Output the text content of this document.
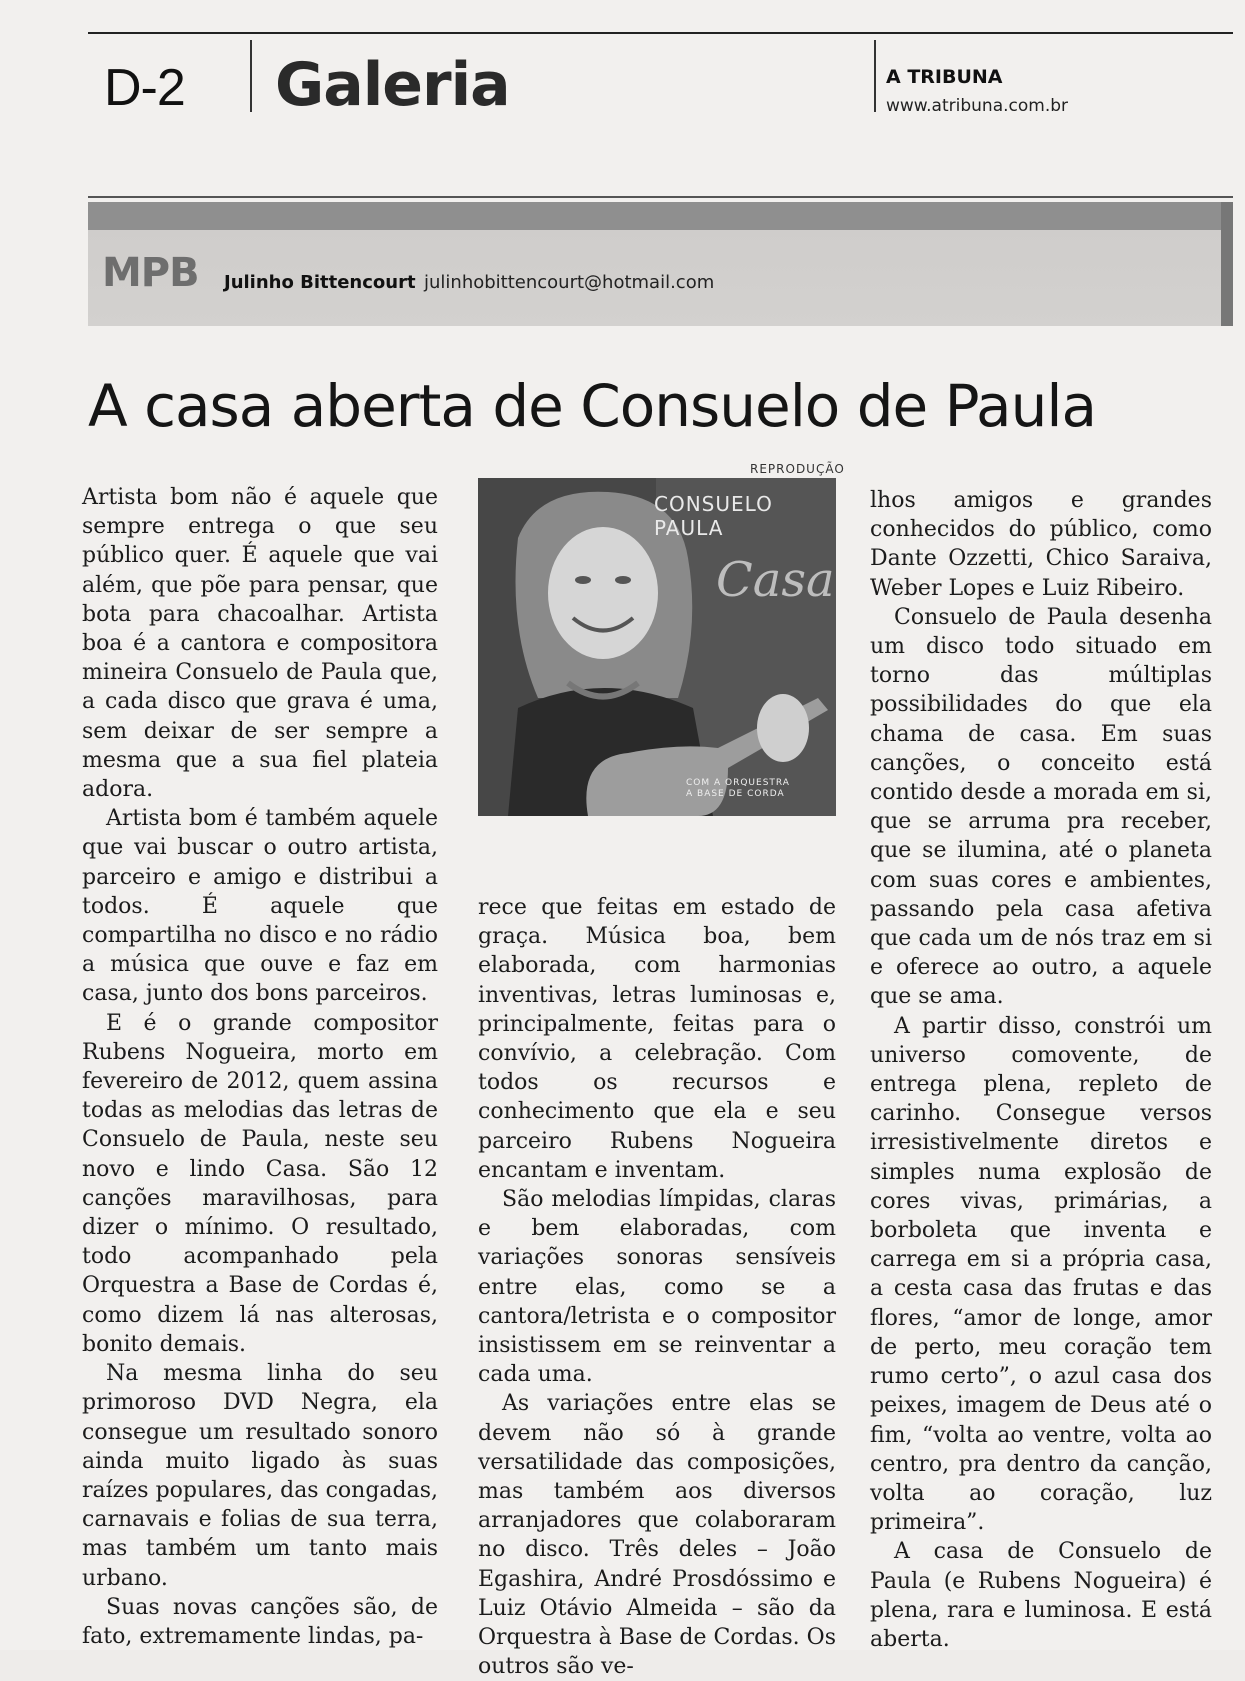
D-2 Galeria	A TRIBUNA
www.atribuna.com.br
MPB Julinho Bittencourt julinhobittencourt@hotmail.com
A casa aberta de Consuelo de Paula

Artista bom não é aquele que sempre entrega o que seu público quer. É aquele que vai além, que põe para pensar, que bota para chacoalhar. Artista boa é a cantora e compositora mineira Consuelo de Paula que, a cada disco que grava é uma, sem deixar de ser sempre a mesma que a sua fiel plateia adora.

Artista bom é também aquele que vai buscar o outro artista, parceiro e amigo e distribui a todos. É aquele que compartilha no disco e no rádio a música que ouve e faz em casa, junto dos bons parceiros.

E é o grande compositor Rubens Nogueira, morto em fevereiro de 2012, quem assina todas as melodias das letras de Consuelo de Paula, neste seu novo e lindo Casa. São 12 canções maravilhosas, para dizer o mínimo. O resultado, todo acompanhado pela Orquestra a Base de Cordas é, como dizem lá nas alterosas, bonito demais.

Na mesma linha do seu primoroso DVD Negra, ela consegue um resultado sonoro ainda muito ligado às suas raízes populares, das congadas, carnavais e folias de sua terra, mas também um tanto mais urbano.

Suas novas canções são, de fato, extremamente lindas, pa-

REPRODUÇÃO
CONSUELO PAULA
Casa
COM A ORQUESTRA
A BASE DE CORDA

rece que feitas em estado de graça. Música boa, bem elaborada, com harmonias inventivas, letras luminosas e, principalmente, feitas para o convívio, a celebração. Com todos os recursos e conhecimento que ela e seu parceiro Rubens Nogueira encantam e inventam.

São melodias límpidas, claras e bem elaboradas, com variações sonoras sensíveis entre elas, como se a cantora/letrista e o compositor insistissem em se reinventar a cada uma.

As variações entre elas se devem não só à grande versatilidade das composições, mas também aos diversos arranjadores que colaboraram no disco. Três deles – João Egashira, André Prosdóssimo e Luiz Otávio Almeida – são da Orquestra à Base de Cordas. Os outros são ve-

lhos amigos e grandes conhecidos do público, como Dante Ozzetti, Chico Saraiva, Weber Lopes e Luiz Ribeiro.

Consuelo de Paula desenha um disco todo situado em torno das múltiplas possibilidades do que ela chama de casa. Em suas canções, o conceito está contido desde a morada em si, que se arruma pra receber, que se ilumina, até o planeta com suas cores e ambientes, passando pela casa afetiva que cada um de nós traz em si e oferece ao outro, a aquele que se ama.

A partir disso, constrói um universo comovente, de entrega plena, repleto de carinho. Consegue versos irresistivelmente diretos e simples numa explosão de cores vivas, primárias, a borboleta que inventa e carrega em si a própria casa, a cesta casa das frutas e das flores, “amor de longe, amor de perto, meu coração tem rumo certo”, o azul casa dos peixes, imagem de Deus até o fim, “volta ao ventre, volta ao centro, pra dentro da canção, volta ao coração, luz primeira”.

A casa de Consuelo de Paula (e Rubens Nogueira) é plena, rara e luminosa. E está aberta.
